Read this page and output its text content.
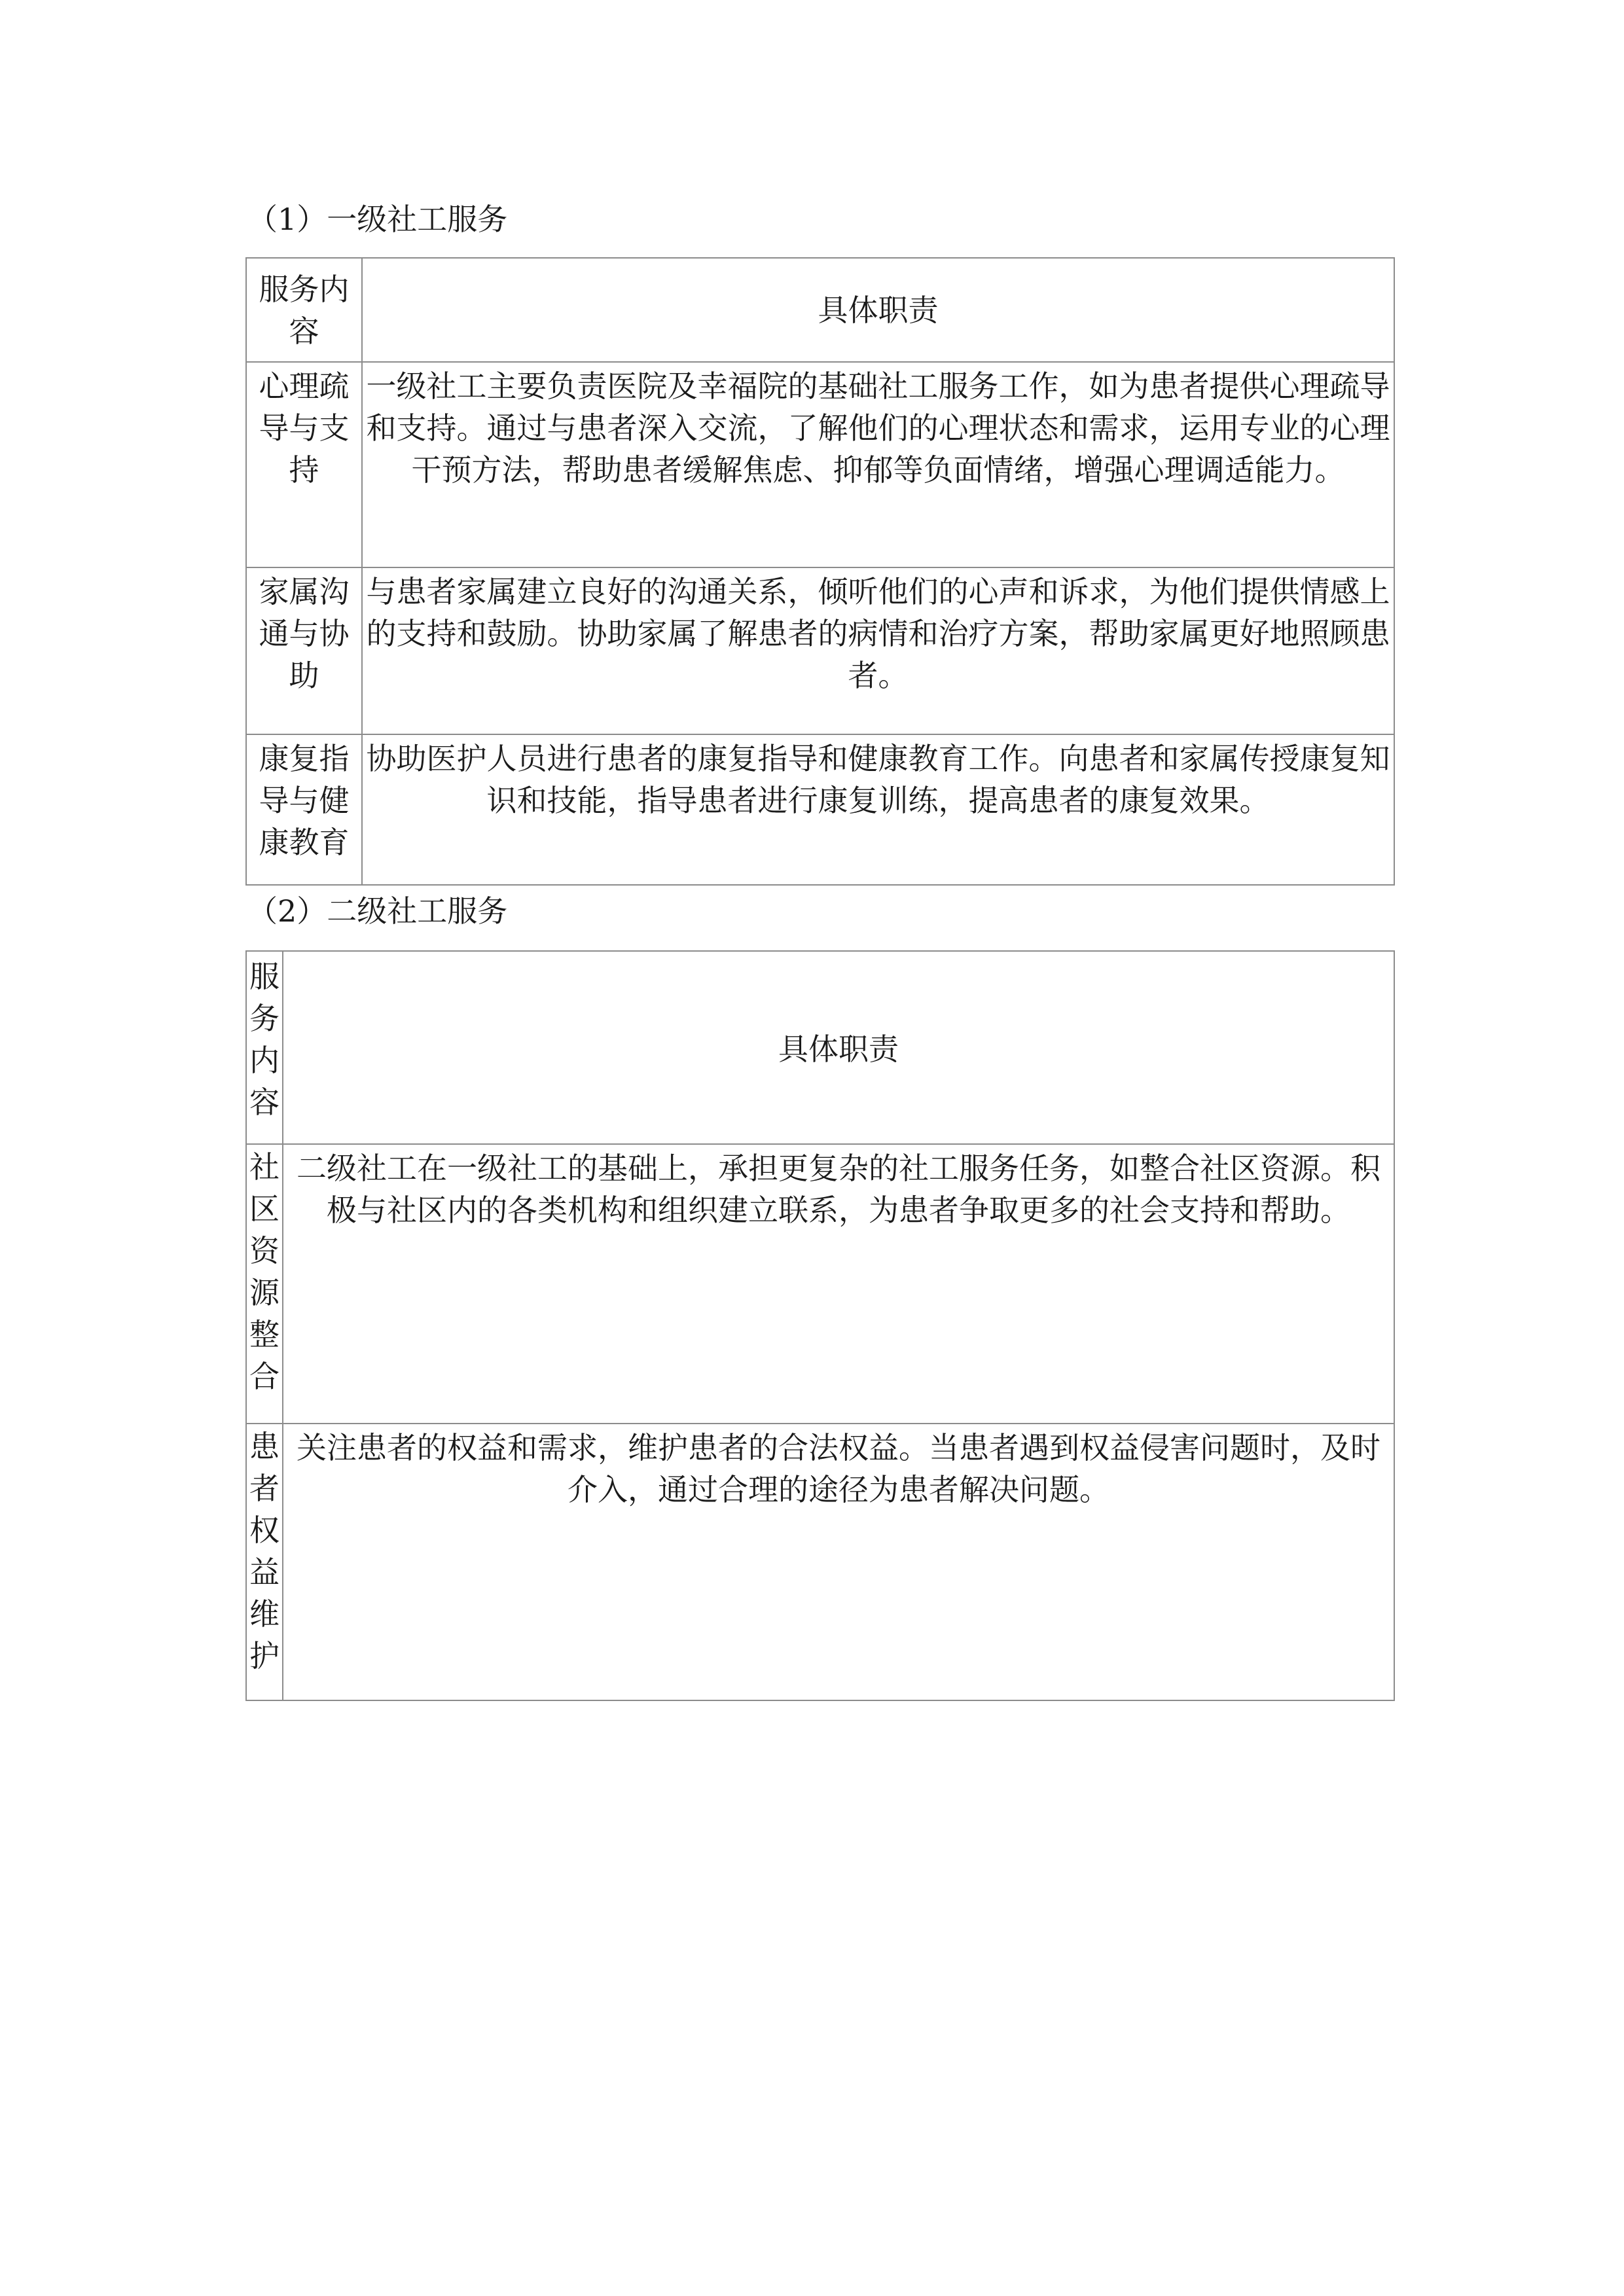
（1）一级社工服务
服务内容	具体职责
心理疏导与支持	一级社工主要负责医院及幸福院的基础社工服务工作，如为患者提供心理疏导和支持。通过与患者深入交流，了解他们的心理状态和需求，运用专业的心理干预方法，帮助患者缓解焦虑、抑郁等负面情绪，增强心理调适能力。
家属沟通与协助	与患者家属建立良好的沟通关系，倾听他们的心声和诉求，为他们提供情感上的支持和鼓励。协助家属了解患者的病情和治疗方案，帮助家属更好地照顾患者。
康复指导与健康教育	协助医护人员进行患者的康复指导和健康教育工作。向患者和家属传授康复知识和技能，指导患者进行康复训练，提高患者的康复效果。
（2）二级社工服务
服务内容	具体职责
社区资源整合	二级社工在一级社工的基础上，承担更复杂的社工服务任务，如整合社区资源。积极与社区内的各类机构和组织建立联系，为患者争取更多的社会支持和帮助。
患者权益维护	关注患者的权益和需求，维护患者的合法权益。当患者遇到权益侵害问题时，及时介入，通过合理的途径为患者解决问题。
